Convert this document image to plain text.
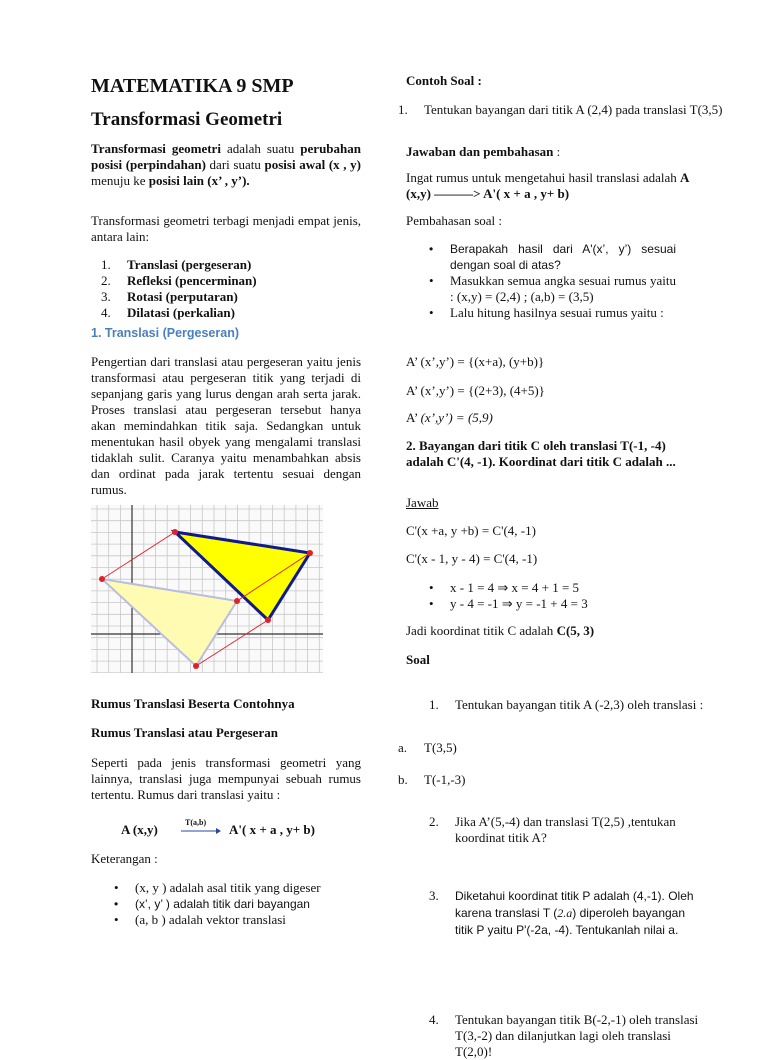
MATEMATIKA 9 SMP
Transformasi Geometri
Transformasi geometri adalah suatu perubahan posisi (perpindahan) dari suatu posisi awal (x , y) menuju ke posisi lain (x’ , y’).
Transformasi geometri terbagi menjadi empat jenis, antara lain:
1. Translasi (pergeseran)
2. Refleksi (pencerminan)
3. Rotasi (perputaran)
4. Dilatasi (perkalian)
1. Translasi (Pergeseran)
Pengertian dari translasi atau pergeseran yaitu jenis transformasi atau pergeseran titik yang terjadi di sepanjang garis yang lurus dengan arah serta jarak. Proses translasi atau pergeseran tersebut hanya akan memindahkan titik saja. Sedangkan untuk menentukan hasil obyek yang mengalami translasi tidaklah sulit. Caranya yaitu menambahkan absis dan ordinat pada jarak tertentu sesuai dengan rumus.
Rumus Translasi Beserta Contohnya
Rumus Translasi atau Pergeseran
Seperti pada jenis transformasi geometri yang lainnya, translasi juga mempunyai sebuah rumus tertentu. Rumus dari translasi yaitu :
A (x,y)	T(a,b) A'( x + a , y+ b)
Keterangan :
• (x, y ) adalah asal titik yang digeser
• (x’, y’ ) adalah titik dari bayangan
• (a, b ) adalah vektor translasi
Contoh Soal :
1. Tentukan bayangan dari titik A (2,4) pada translasi T(3,5)
Jawaban dan pembahasan :
Ingat rumus untuk mengetahui hasil translasi adalah A (x,y) ———> A'( x + a , y+ b)
Pembahasan soal :
• Berapakah hasil dari A'(x’, y’) sesuai dengan soal di atas?
• Masukkan semua angka sesuai rumus yaitu : (x,y) = (2,4) ; (a,b) = (3,5)
• Lalu hitung hasilnya sesuai rumus yaitu :
A’ (x’,y’) = {(x+a), (y+b)}
A’ (x’,y’) = {(2+3), (4+5)}
A’ (x’,y’) = (5,9)
2. Bayangan dari titik C oleh translasi T(-1, -4) adalah C'(4, -1). Koordinat dari titik C adalah ...
Jawab
C'(x +a, y +b) = C'(4, -1)
C'(x - 1, y - 4) = C'(4, -1)
• x - 1 = 4 ⇒ x = 4 + 1 = 5
• y - 4 = -1 ⇒ y = -1 + 4 = 3
Jadi koordinat titik C adalah C(5, 3)
Soal
1. Tentukan bayangan titik A (-2,3) oleh translasi :
a. T(3,5)
b. T(-1,-3)
2. Jika A’(5,-4) dan translasi T(2,5) ,tentukan koordinat titik A?
3. Diketahui koordinat titik P adalah (4,-1). Oleh karena translasi T (2.a) diperoleh bayangan titik P yaitu P'(-2a, -4). Tentukanlah nilai a.
4. Tentukan bayangan titik B(-2,-1) oleh translasi T(3,-2) dan dilanjutkan lagi oleh translasi T(2,0)!
